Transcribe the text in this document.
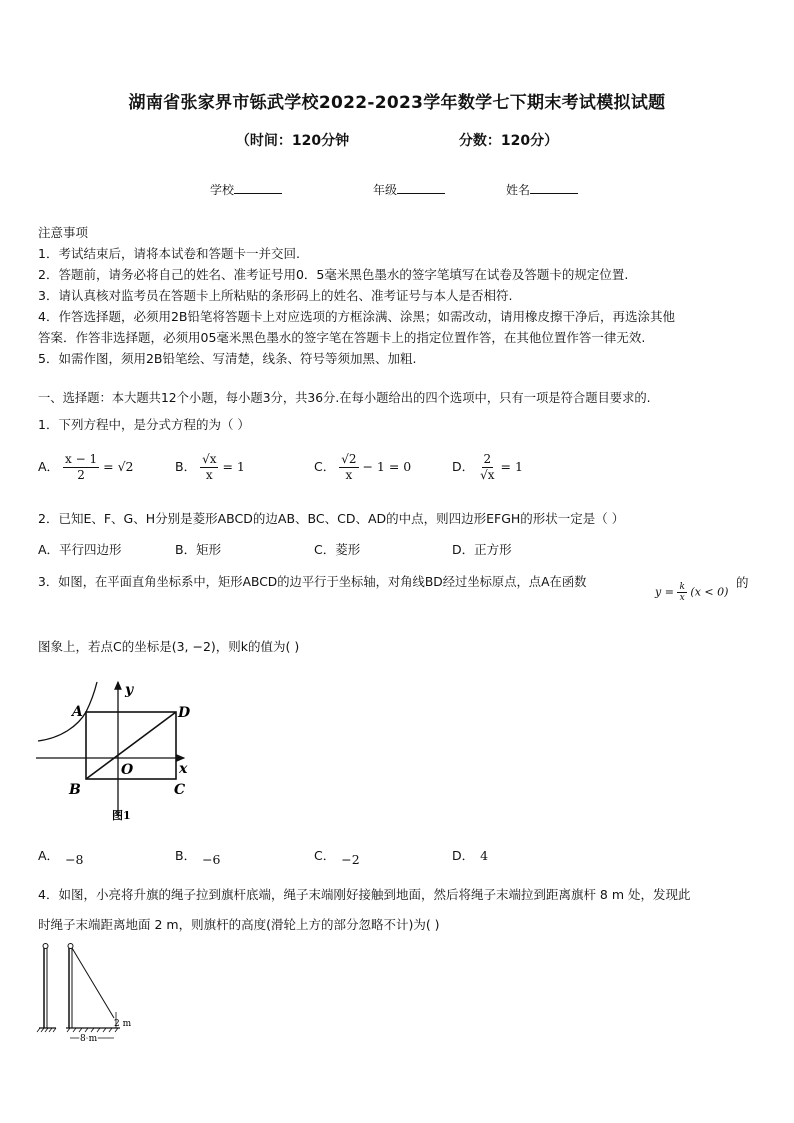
湖南省张家界市铄武学校2022-2023学年数学七下期末考试模拟试题
（时间：120分钟	分数：120分）
学校	年级	姓名
注意事项
1．考试结束后，请将本试卷和答题卡一并交回.
2．答题前，请务必将自己的姓名、准考证号用0．5毫米黑色墨水的签字笔填写在试卷及答题卡的规定位置.
3．请认真核对监考员在答题卡上所粘贴的条形码上的姓名、准考证号与本人是否相符.
4．作答选择题，必须用2B铅笔将答题卡上对应选项的方框涂满、涂黑；如需改动，请用橡皮擦干净后，再选涂其他
答案．作答非选择题，必须用05毫米黑色墨水的签字笔在答题卡上的指定位置作答，在其他位置作答一律无效.
5．如需作图，须用2B铅笔绘、写清楚，线条、符号等须加黑、加粗.
一、选择题：本大题共12个小题，每小题3分，共36分.在每小题给出的四个选项中，只有一项是符合题目要求的.
1．下列方程中，是分式方程的为（ ）
A． $\frac{x - 1}{2} = √2$	B． $\frac{√x}{x} = 1$	C． $\frac{√2}{x} - 1 = 0$	D． $\frac{2}{√x} = 1$
2．已知E、F、G、H分别是菱形ABCD的边AB、BC、CD、AD的中点，则四边形EFGH的形状一定是（ ）
A．平行四边形	B．矩形	C．菱形	D．正方形
3．如图，在平面直角坐标系中，矩形ABCD的边平行于坐标轴，对角线BD经过坐标原点，点A在函数
$y = \frac{k}{x} (x < 0)$
的
图象上，若点C的坐标是(3, −2)，则k的值为( )
A	D
B	C
O	x
y
图1
A． −8	B． −6	C． −2	D． 4
4．如图，小亮将升旗的绳子拉到旗杆底端，绳子末端刚好接触到地面，然后将绳子末端拉到距离旗杆 8 m 处，发现此
时绳子末端距离地面 2 m，则旗杆的高度(滑轮上方的部分忽略不计)为( )
2 m
8 m
